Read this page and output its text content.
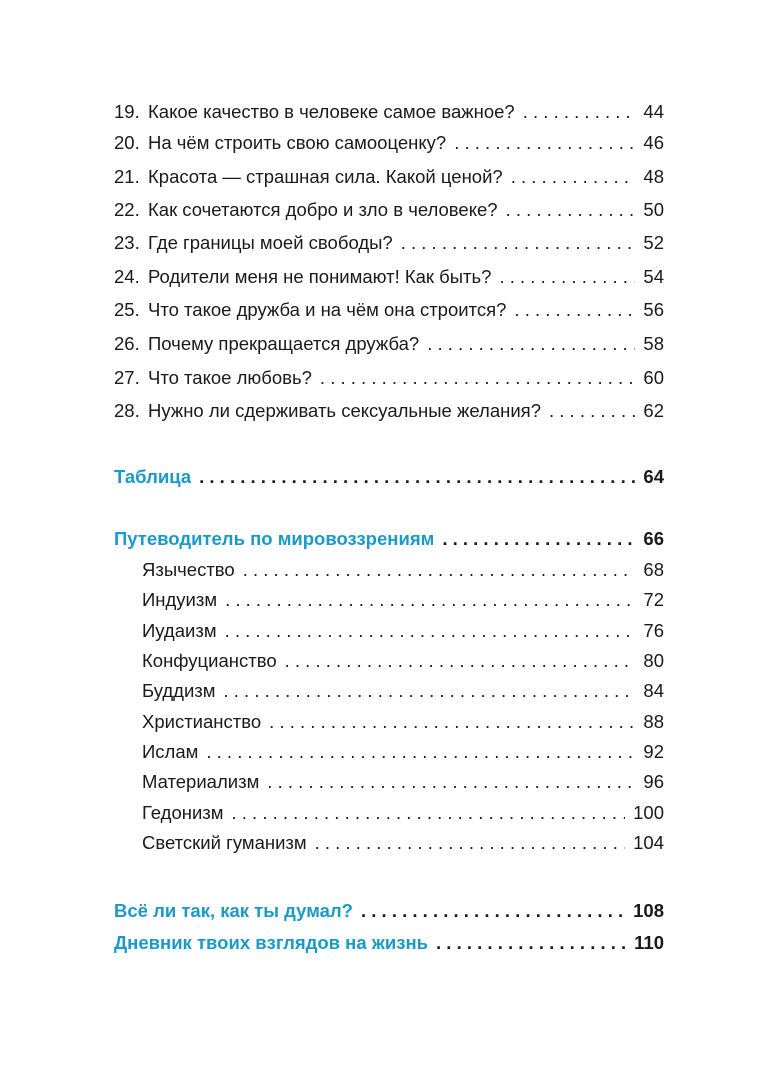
19. Какое качество в человеке самое важное? . . .	44
20. На чём строить свою самооценку? . . .	46
21. Красота — страшная сила. Какой ценой? . . .	48
22. Как сочетаются добро и зло в человеке? . . .	50
23. Где границы моей свободы? . . .	52
24. Родители меня не понимают! Как быть? . . .	54
25. Что такое дружба и на чём она строится? . . .	56
26. Почему прекращается дружба? . . .	58
27. Что такое любовь? . . .	60
28. Нужно ли сдерживать сексуальные желания? . . .	62
Таблица . . .	64
Путеводитель по мировоззрениям . . .	66
Язычество . . .	68
Индуизм . . .	72
Иудаизм . . .	76
Конфуцианство . . .	80
Буддизм . . .	84
Христианство . . .	88
Ислам . . .	92
Материализм . . .	96
Гедонизм . . .	100
Светский гуманизм . . .	104
Всё ли так, как ты думал? . . .	108
Дневник твоих взглядов на жизнь . . .	110
